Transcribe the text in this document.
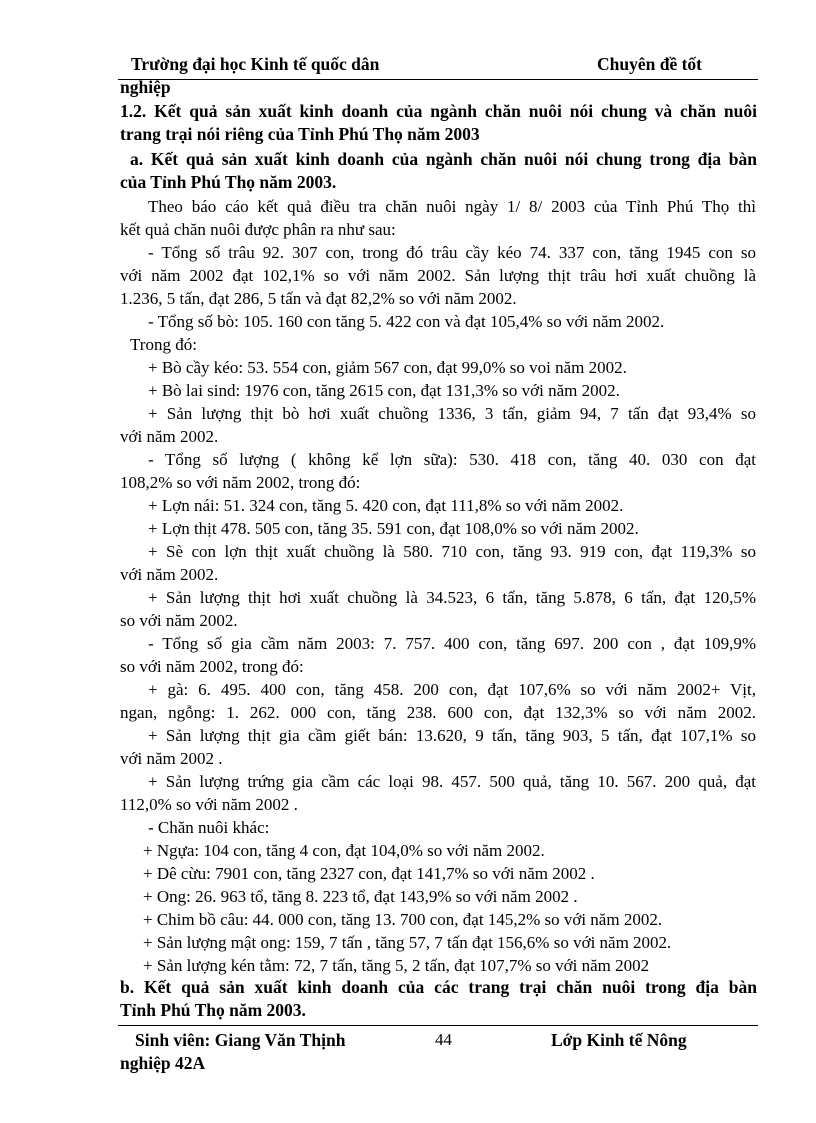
Trường đại học Kinh tế quốc dân	Chuyên đề tốt
nghiệp
1.2. Kết quả sản xuất kinh doanh của ngành chăn nuôi nói chung và chăn nuôi
trang trại nói riêng của Tỉnh Phú Thọ năm 2003
a. Kết quả sản xuất kinh doanh của ngành chăn nuôi nói chung trong địa bàn
của Tỉnh Phú Thọ năm 2003.
Theo báo cáo kết quả điều tra chăn nuôi ngày 1/ 8/ 2003 của Tỉnh Phú Thọ thì
kết quả chăn nuôi được phân ra như sau:
- Tổng số trâu 92. 307 con, trong đó trâu cầy kéo 74. 337 con, tăng 1945 con so
với năm 2002 đạt 102,1% so với năm 2002. Sản lượng thịt trâu hơi xuất chuồng là
1.236, 5 tấn, đạt 286, 5 tấn và đạt 82,2% so với năm 2002.
- Tổng số bò: 105. 160 con tăng 5. 422 con và đạt 105,4% so với năm 2002.
Trong đó:
+ Bò cầy kéo: 53. 554 con, giảm 567 con, đạt 99,0% so voi năm 2002.
+ Bò lai sind: 1976 con, tăng 2615 con, đạt 131,3% so với năm 2002.
+ Sản lượng thịt bò hơi xuất chuồng 1336, 3 tấn, giảm 94, 7 tấn đạt 93,4% so
với năm 2002.
- Tổng số lượng ( không kể lợn sữa): 530. 418 con, tăng 40. 030 con đạt
108,2% so với năm 2002, trong đó:
+ Lợn nái: 51. 324 con, tăng 5. 420 con, đạt 111,8% so với năm 2002.
+ Lợn thịt 478. 505 con, tăng 35. 591 con, đạt 108,0% so với năm 2002.
+ Sè con lợn thịt xuất chuồng là 580. 710 con, tăng 93. 919 con, đạt 119,3% so
với năm 2002.
+ Sản lượng thịt hơi xuất chuồng là 34.523, 6 tấn, tăng 5.878, 6 tấn, đạt 120,5%
so với năm 2002.
- Tổng số gia cầm năm 2003: 7. 757. 400 con, tăng 697. 200 con , đạt 109,9%
so với năm 2002, trong đó:
+ gà: 6. 495. 400 con, tăng 458. 200 con, đạt 107,6% so với năm 2002+ Vịt,
ngan, ngỗng: 1. 262. 000 con, tăng 238. 600 con, đạt 132,3% so với năm 2002.
+ Sản lượng thịt gia cầm giết bán: 13.620, 9 tấn, tăng 903, 5 tấn, đạt 107,1% so
với năm 2002 .
+ Sản lượng trứng gia cầm các loại 98. 457. 500 quả, tăng 10. 567. 200 quả, đạt
112,0% so với năm 2002 .
- Chăn nuôi khác:
+ Ngựa: 104 con, tăng 4 con, đạt 104,0% so với năm 2002.
+ Dê cừu: 7901 con, tăng 2327 con, đạt 141,7% so với năm 2002 .
+ Ong: 26. 963 tổ, tăng 8. 223 tổ, đạt 143,9% so với năm 2002 .
+ Chim bồ câu: 44. 000 con, tăng 13. 700 con, đạt 145,2% so với năm 2002.
+ Sản lượng mật ong: 159, 7 tấn , tăng 57, 7 tấn đạt 156,6% so với năm 2002.
+ Sản lượng kén tằm: 72, 7 tấn, tăng 5, 2 tấn, đạt 107,7% so với năm 2002
b. Kết quả sản xuất kinh doanh của các trang trại chăn nuôi trong địa bàn
Tỉnh Phú Thọ năm 2003.
Sinh viên: Giang Văn Thịnh	44	Lớp Kinh tế Nông
nghiệp 42A
